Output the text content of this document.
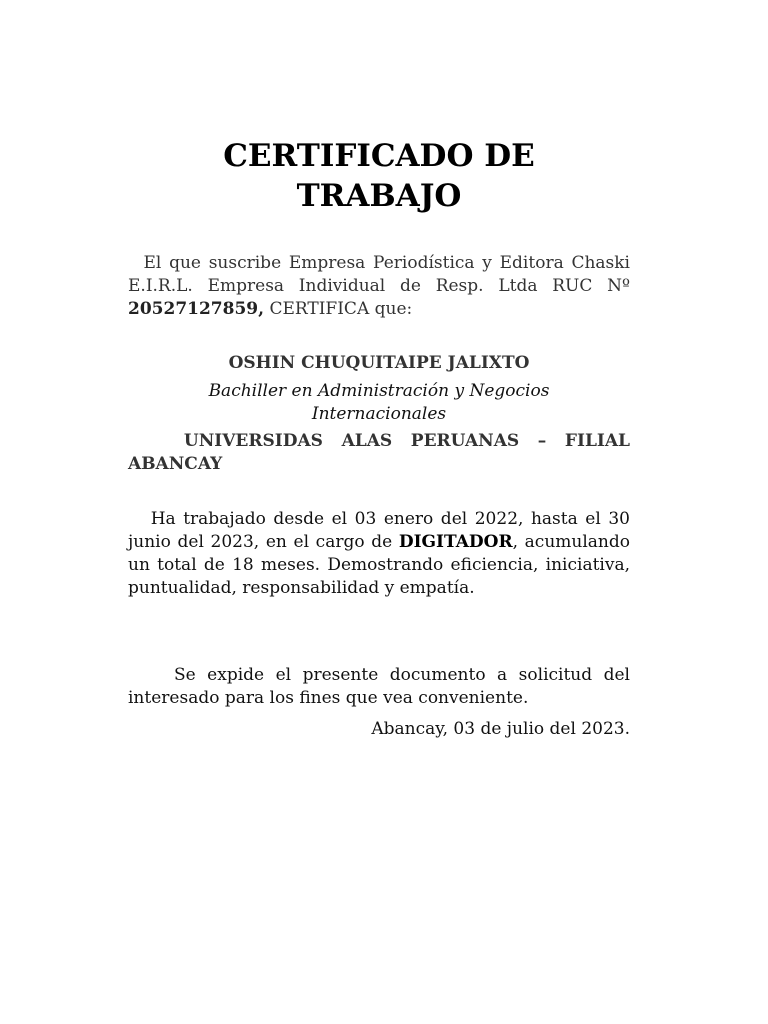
CERTIFICADO DE
TRABAJO

El que suscribe Empresa Periodística y Editora Chaski E.I.R.L. Empresa Individual de Resp. Ltda RUC Nº 20527127859, CERTIFICA que:

OSHIN CHUQUITAIPE JALIXTO

Bachiller en Administración y Negocios
Internacionales

UNIVERSIDAS ALAS PERUANAS – FILIAL ABANCAY

Ha trabajado desde el 03 enero del 2022, hasta el 30 junio del 2023, en el cargo de DIGITADOR, acumulando un total de 18 meses. Demostrando eficiencia, iniciativa, puntualidad, responsabilidad y empatía.

Se expide el presente documento a solicitud del interesado para los fines que vea conveniente.

Abancay, 03 de julio del 2023.
